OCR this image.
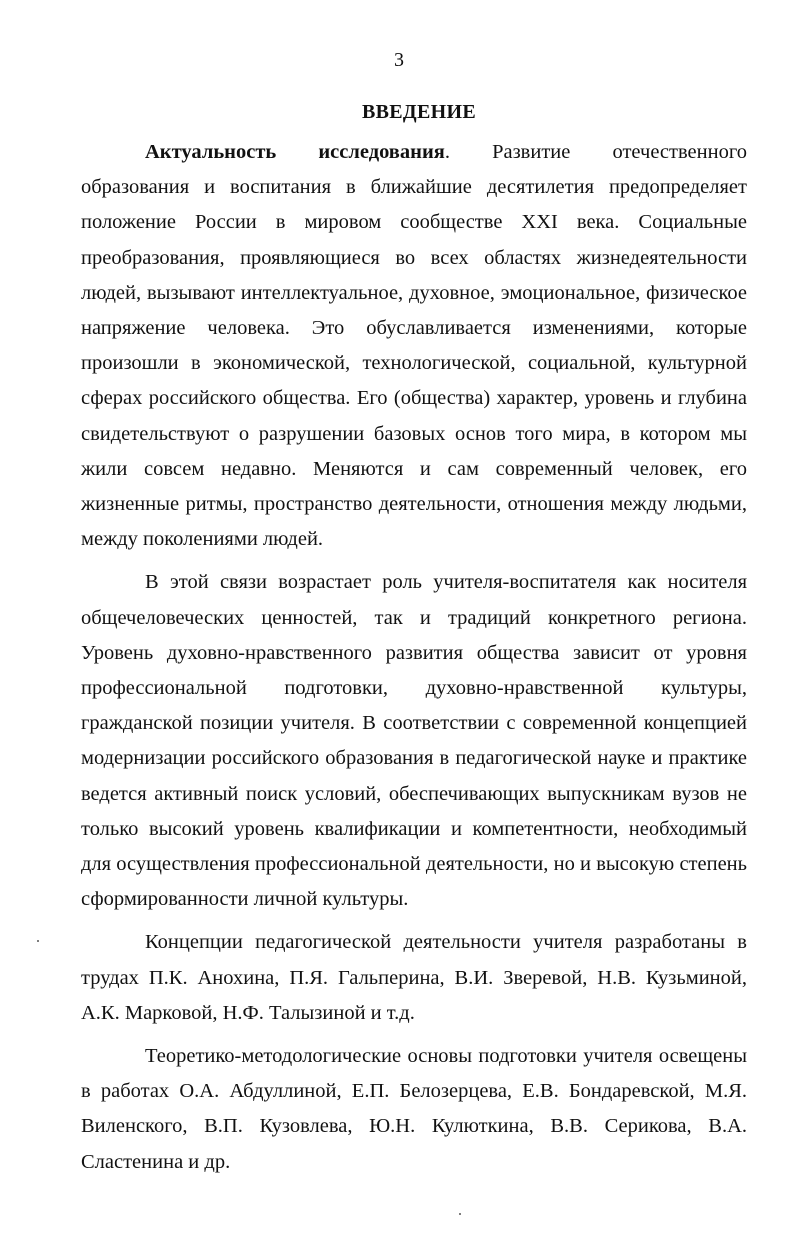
3
ВВЕДЕНИЕ

Актуальность исследования. Развитие отечественного образования и воспитания в ближайшие десятилетия предопределяет положение России в мировом сообществе XXI века. Социальные преобразования, проявляющиеся во всех областях жизнедеятельности людей, вызывают интеллектуальное, духовное, эмоциональное, физическое напряжение человека. Это обуславливается изменениями, которые произошли в экономической, технологической, социальной, культурной сферах российского общества. Его (общества) характер, уровень и глубина свидетельствуют о разрушении базовых основ того мира, в котором мы жили совсем недавно. Меняются и сам современный человек, его жизненные ритмы, пространство деятельности, отношения между людьми, между поколениями людей.

В этой связи возрастает роль учителя-воспитателя как носителя общечеловеческих ценностей, так и традиций конкретного региона. Уровень духовно-нравственного развития общества зависит от уровня профессиональной подготовки, духовно-нравственной культуры, гражданской позиции учителя. В соответствии с современной концепцией модернизации российского образования в педагогической науке и практике ведется активный поиск условий, обеспечивающих выпускникам вузов не только высокий уровень квалификации и компетентности, необходимый для осуществления профессиональной деятельности, но и высокую степень сформированности личной культуры.

Концепции педагогической деятельности учителя разработаны в трудах П.К. Анохина, П.Я. Гальперина, В.И. Зверевой, Н.В. Кузьминой, А.К. Марковой, Н.Ф. Талызиной и т.д.

Теоретико-методологические основы подготовки учителя освещены в работах О.А. Абдуллиной, Е.П. Белозерцева, Е.В. Бондаревской, М.Я. Виленского, В.П. Кузовлева, Ю.Н. Кулюткина, В.В. Серикова, В.А. Сластенина и др.
